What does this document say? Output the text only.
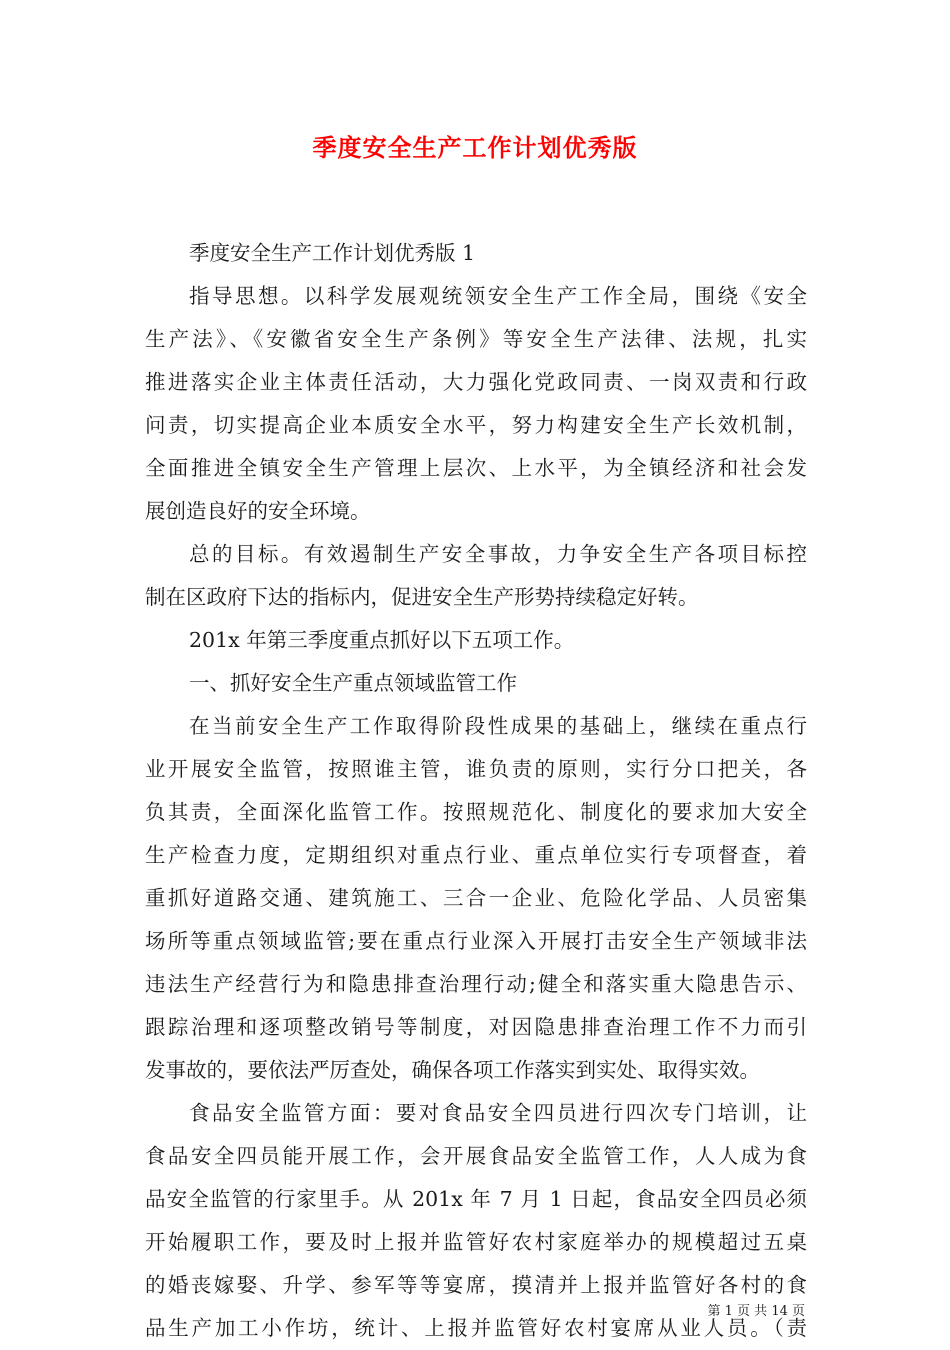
季度安全生产工作计划优秀版
季度安全生产工作计划优秀版 1
指导思想。以科学发展观统领安全生产工作全局，围绕《安全
生产法》、《安徽省安全生产条例》等安全生产法律、法规，扎实
推进落实企业主体责任活动，大力强化党政同责、一岗双责和行政
问责，切实提高企业本质安全水平，努力构建安全生产长效机制，
全面推进全镇安全生产管理上层次、上水平，为全镇经济和社会发
展创造良好的安全环境。
总的目标。有效遏制生产安全事故，力争安全生产各项目标控
制在区政府下达的指标内，促进安全生产形势持续稳定好转。
201x 年第三季度重点抓好以下五项工作。
一、抓好安全生产重点领域监管工作
在当前安全生产工作取得阶段性成果的基础上，继续在重点行
业开展安全监管，按照谁主管，谁负责的原则，实行分口把关，各
负其责，全面深化监管工作。按照规范化、制度化的要求加大安全
生产检查力度，定期组织对重点行业、重点单位实行专项督查，着
重抓好道路交通、建筑施工、三合一企业、危险化学品、人员密集
场所等重点领域监管;要在重点行业深入开展打击安全生产领域非法
违法生产经营行为和隐患排查治理行动;健全和落实重大隐患告示、
跟踪治理和逐项整改销号等制度，对因隐患排查治理工作不力而引
发事故的，要依法严厉查处，确保各项工作落实到实处、取得实效。
食品安全监管方面：要对食品安全四员进行四次专门培训，让
食品安全四员能开展工作，会开展食品安全监管工作，人人成为食
品安全监管的行家里手。从 201x 年 7 月 1 日起，食品安全四员必须
开始履职工作，要及时上报并监管好农村家庭举办的规模超过五桌
的婚丧嫁娶、升学、参军等等宴席，摸清并上报并监管好各村的食
品生产加工小作坊，统计、上报并监管好农村宴席从业人员。（责
第 1 页 共 14 页
